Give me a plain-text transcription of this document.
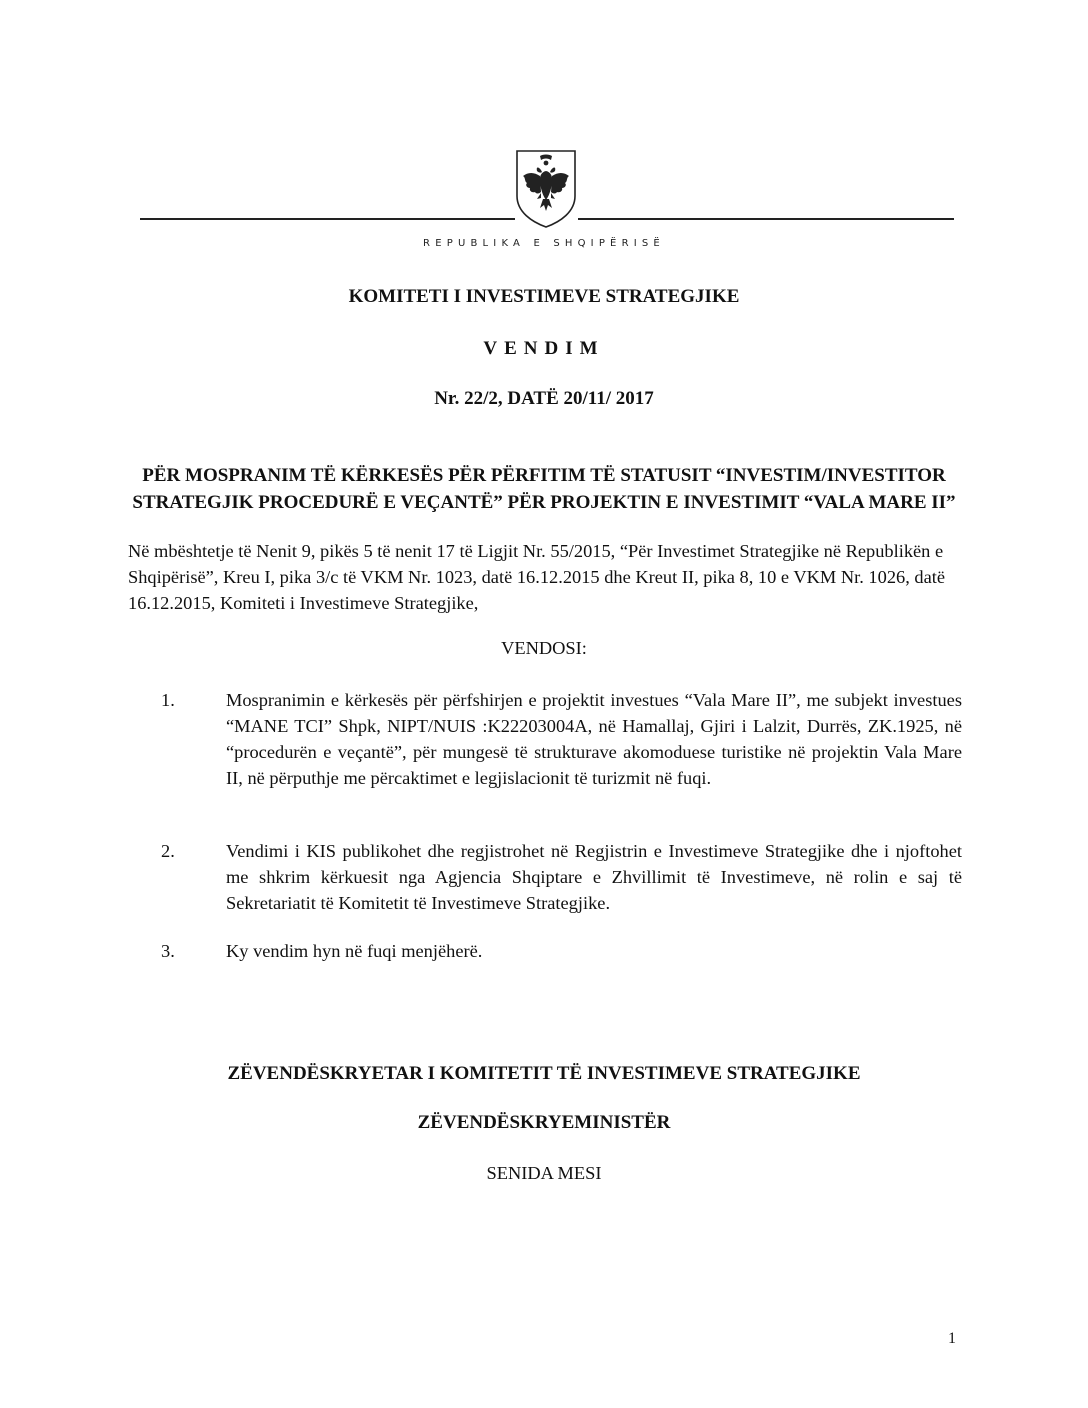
REPUBLIKA E SHQIPËRISË
KOMITETI I INVESTIMEVE STRATEGJIKE
VENDIM
Nr. 22/2, DATË 20/11/ 2017
PËR MOSPRANIM TË KËRKESËS PËR PËRFITIM TË STATUSIT “INVESTIM/INVESTITOR
STRATEGJIK PROCEDURË E VEÇANTË” PËR PROJEKTIN E INVESTIMIT “VALA MARE II”
Në mbështetje të Nenit 9, pikës 5 të nenit 17 të Ligjit Nr. 55/2015, “Për Investimet Strategjike në Republikën e Shqipërisë”, Kreu I, pika 3/c të VKM Nr. 1023, datë 16.12.2015 dhe Kreut II, pika 8, 10 e VKM Nr. 1026, datë 16.12.2015, Komiteti i Investimeve Strategjike,
VENDOSI:
1.	Mospranimin e kërkesës për përfshirjen e projektit investues “Vala Mare II”, me subjekt investues “MANE TCI” Shpk, NIPT/NUIS :K22203004A, në Hamallaj, Gjiri i Lalzit, Durrës, ZK.1925, në “procedurën e veçantë”, për mungesë të strukturave akomoduese turistike në projektin Vala Mare II, në përputhje me përcaktimet e legjislacionit të turizmit në fuqi.
2.	Vendimi i KIS publikohet dhe regjistrohet në Regjistrin e Investimeve Strategjike dhe i njoftohet me shkrim kërkuesit nga Agjencia Shqiptare e Zhvillimit të Investimeve, në rolin e saj të Sekretariatit të Komitetit të Investimeve Strategjike.
3.	Ky vendim hyn në fuqi menjëherë.
ZËVENDËSKRYETAR I KOMITETIT TË INVESTIMEVE STRATEGJIKE
ZËVENDËSKRYEMINISTËR
SENIDA MESI
1
